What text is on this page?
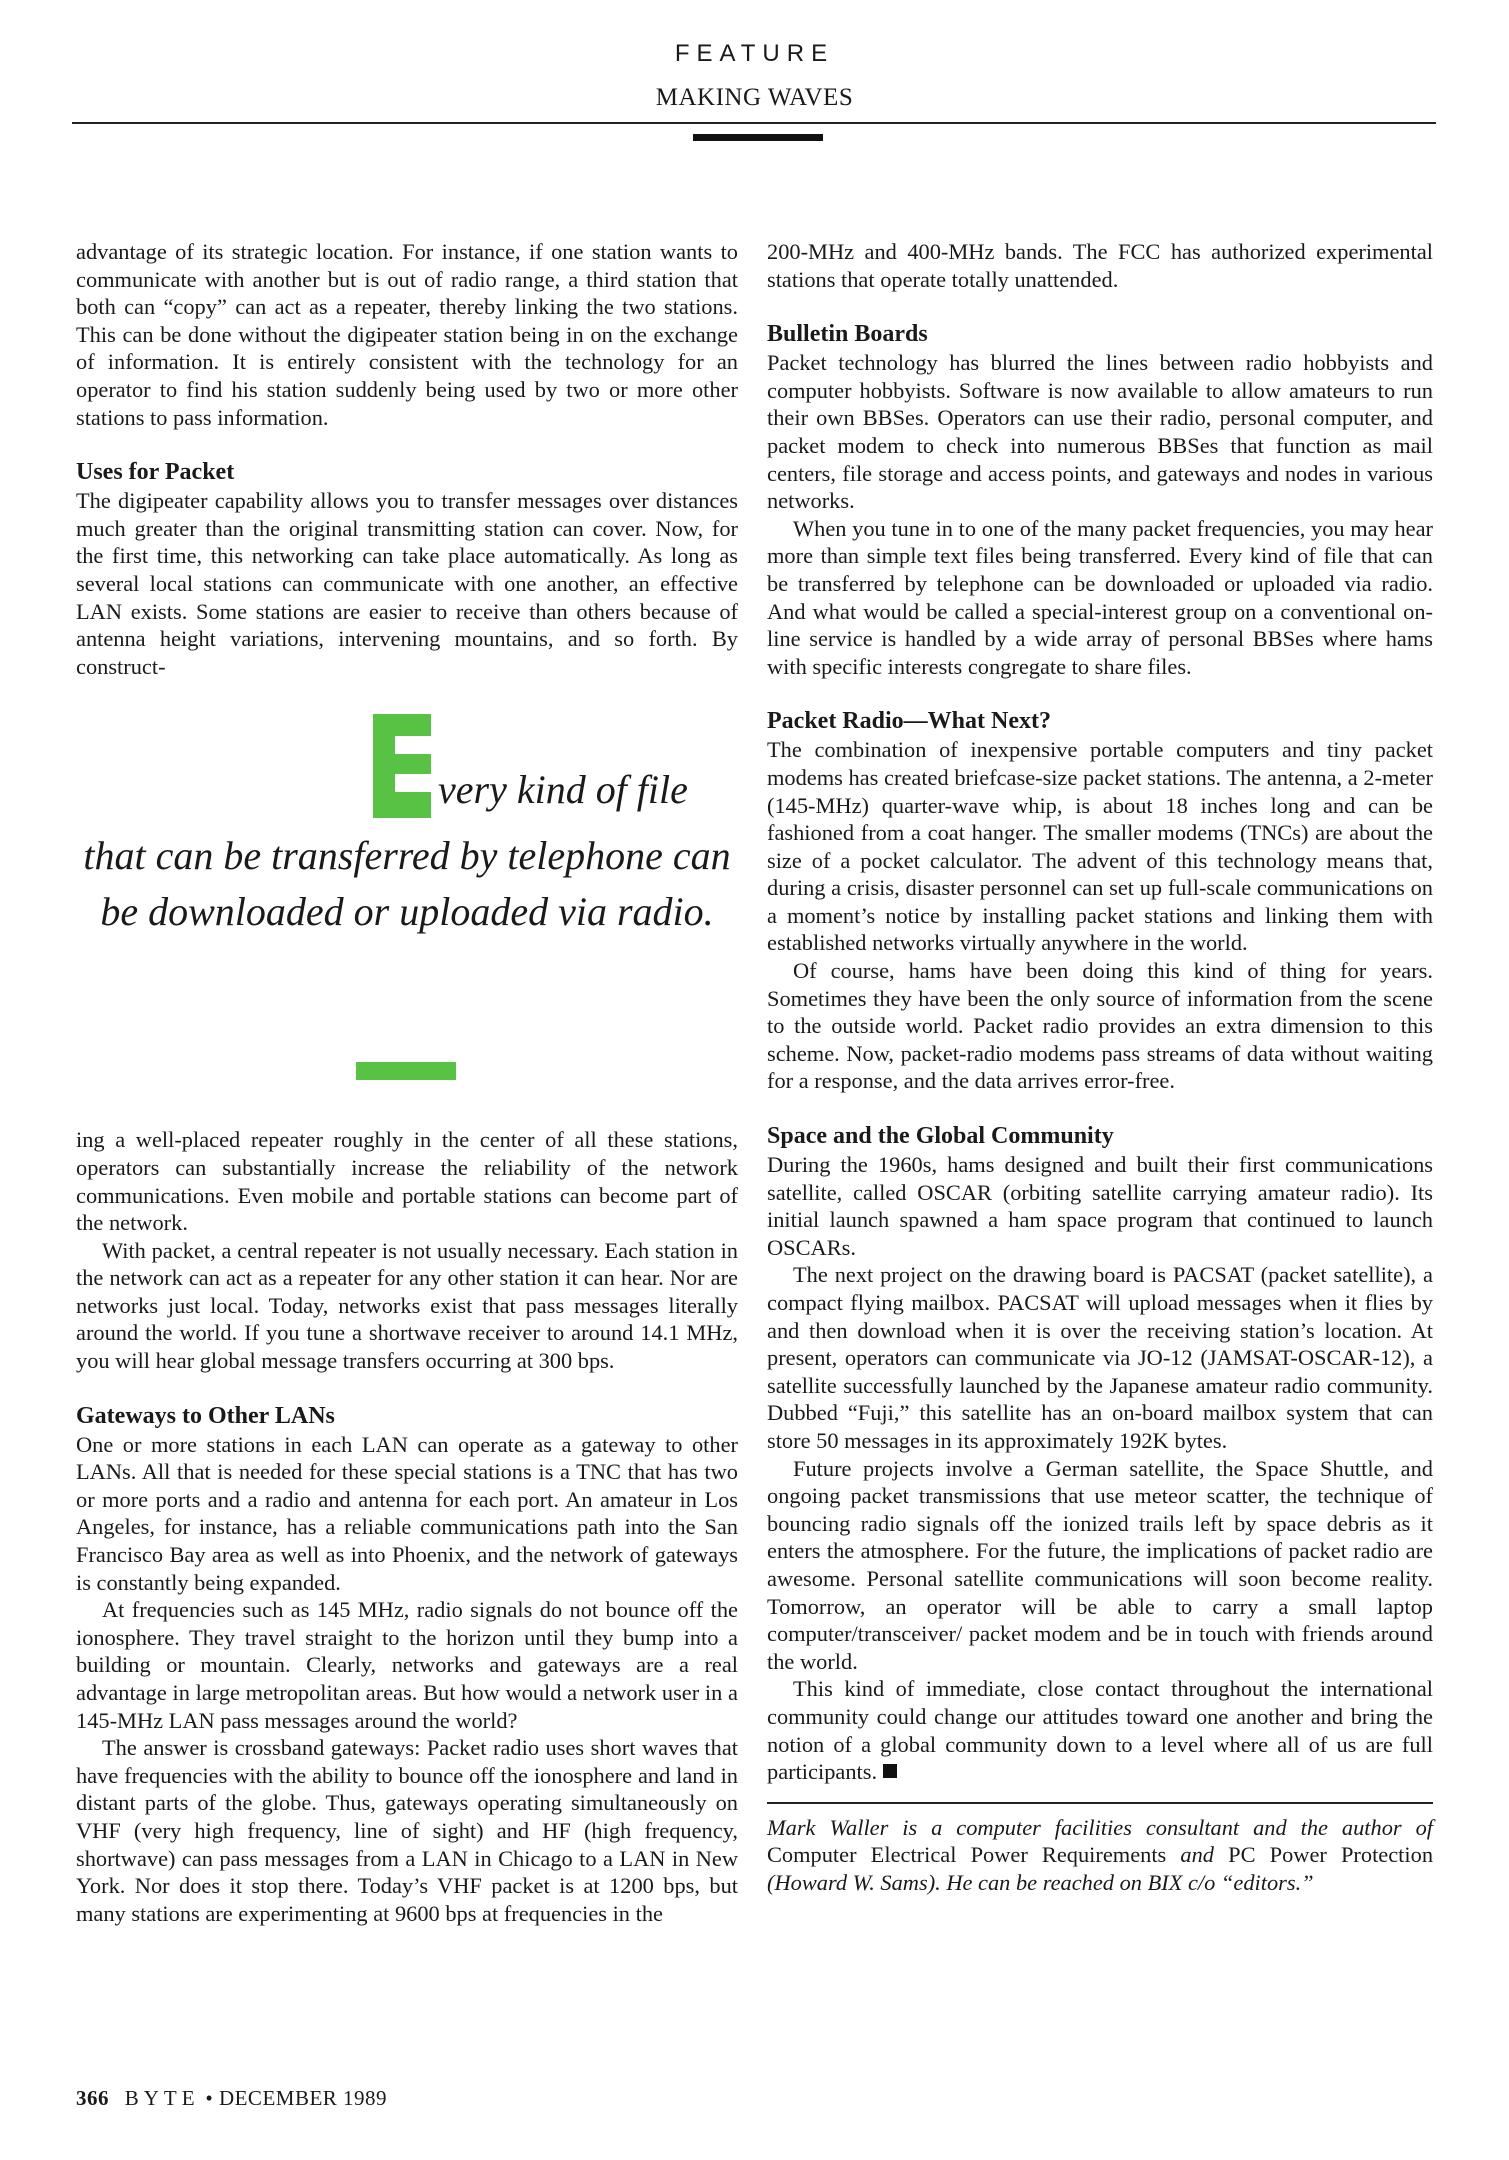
FEATURE
MAKING WAVES

advantage of its strategic location. For instance, if one station wants to communicate with another but is out of radio range, a third station that both can “copy” can act as a repeater, thereby linking the two stations. This can be done without the digipeater station being in on the exchange of information. It is entirely consistent with the technology for an operator to find his station suddenly being used by two or more other stations to pass information.

Uses for Packet

The digipeater capability allows you to transfer messages over distances much greater than the original transmitting station can cover. Now, for the first time, this networking can take place automatically. As long as several local stations can communicate with one another, an effective LAN exists. Some stations are easier to receive than others because of antenna height variations, intervening mountains, and so forth. By construct-

very kind of file
that can be transferred by telephone can be downloaded or uploaded via radio.

ing a well-placed repeater roughly in the center of all these stations, operators can substantially increase the reliability of the network communications. Even mobile and portable stations can become part of the network.

With packet, a central repeater is not usually necessary. Each station in the network can act as a repeater for any other station it can hear. Nor are networks just local. Today, networks exist that pass messages literally around the world. If you tune a shortwave receiver to around 14.1 MHz, you will hear global message transfers occurring at 300 bps.

Gateways to Other LANs

One or more stations in each LAN can operate as a gateway to other LANs. All that is needed for these special stations is a TNC that has two or more ports and a radio and antenna for each port. An amateur in Los Angeles, for instance, has a reliable communications path into the San Francisco Bay area as well as into Phoenix, and the network of gateways is constantly being expanded.

At frequencies such as 145 MHz, radio signals do not bounce off the ionosphere. They travel straight to the horizon until they bump into a building or mountain. Clearly, networks and gateways are a real advantage in large metropolitan areas. But how would a network user in a 145-MHz LAN pass messages around the world?

The answer is crossband gateways: Packet radio uses short waves that have frequencies with the ability to bounce off the ionosphere and land in distant parts of the globe. Thus, gateways operating simultaneously on VHF (very high frequency, line of sight) and HF (high frequency, shortwave) can pass messages from a LAN in Chicago to a LAN in New York. Nor does it stop there. Today’s VHF packet is at 1200 bps, but many stations are experimenting at 9600 bps at frequencies in the

200-MHz and 400-MHz bands. The FCC has authorized experimental stations that operate totally unattended.

Bulletin Boards

Packet technology has blurred the lines between radio hobbyists and computer hobbyists. Software is now available to allow amateurs to run their own BBSes. Operators can use their radio, personal computer, and packet modem to check into numerous BBSes that function as mail centers, file storage and access points, and gateways and nodes in various networks.

When you tune in to one of the many packet frequencies, you may hear more than simple text files being transferred. Every kind of file that can be transferred by telephone can be downloaded or uploaded via radio. And what would be called a special-interest group on a conventional on-line service is handled by a wide array of personal BBSes where hams with specific interests congregate to share files.

Packet Radio—What Next?

The combination of inexpensive portable computers and tiny packet modems has created briefcase-size packet stations. The antenna, a 2-meter (145-MHz) quarter-wave whip, is about 18 inches long and can be fashioned from a coat hanger. The smaller modems (TNCs) are about the size of a pocket calculator. The advent of this technology means that, during a crisis, disaster personnel can set up full-scale communications on a moment’s notice by installing packet stations and linking them with established networks virtually anywhere in the world.

Of course, hams have been doing this kind of thing for years. Sometimes they have been the only source of information from the scene to the outside world. Packet radio provides an extra dimension to this scheme. Now, packet-radio modems pass streams of data without waiting for a response, and the data arrives error-free.

Space and the Global Community

During the 1960s, hams designed and built their first communications satellite, called OSCAR (orbiting satellite carrying amateur radio). Its initial launch spawned a ham space program that continued to launch OSCARs.

The next project on the drawing board is PACSAT (packet satellite), a compact flying mailbox. PACSAT will upload messages when it flies by and then download when it is over the receiving station’s location. At present, operators can communicate via JO-12 (JAMSAT-OSCAR-12), a satellite successfully launched by the Japanese amateur radio community. Dubbed “Fuji,” this satellite has an on-board mailbox system that can store 50 messages in its approximately 192K bytes.

Future projects involve a German satellite, the Space Shuttle, and ongoing packet transmissions that use meteor scatter, the technique of bouncing radio signals off the ionized trails left by space debris as it enters the atmosphere. For the future, the implications of packet radio are awesome. Personal satellite communications will soon become reality. Tomorrow, an operator will be able to carry a small laptop computer/transceiver/ packet modem and be in touch with friends around the world.

This kind of immediate, close contact throughout the international community could change our attitudes toward one another and bring the notion of a global community down to a level where all of us are full participants.

Mark Waller is a computer facilities consultant and the author of Computer Electrical Power Requirements and PC Power Protection (Howard W. Sams). He can be reached on BIX c/o “editors.”

366 BYTE • DECEMBER 1989
